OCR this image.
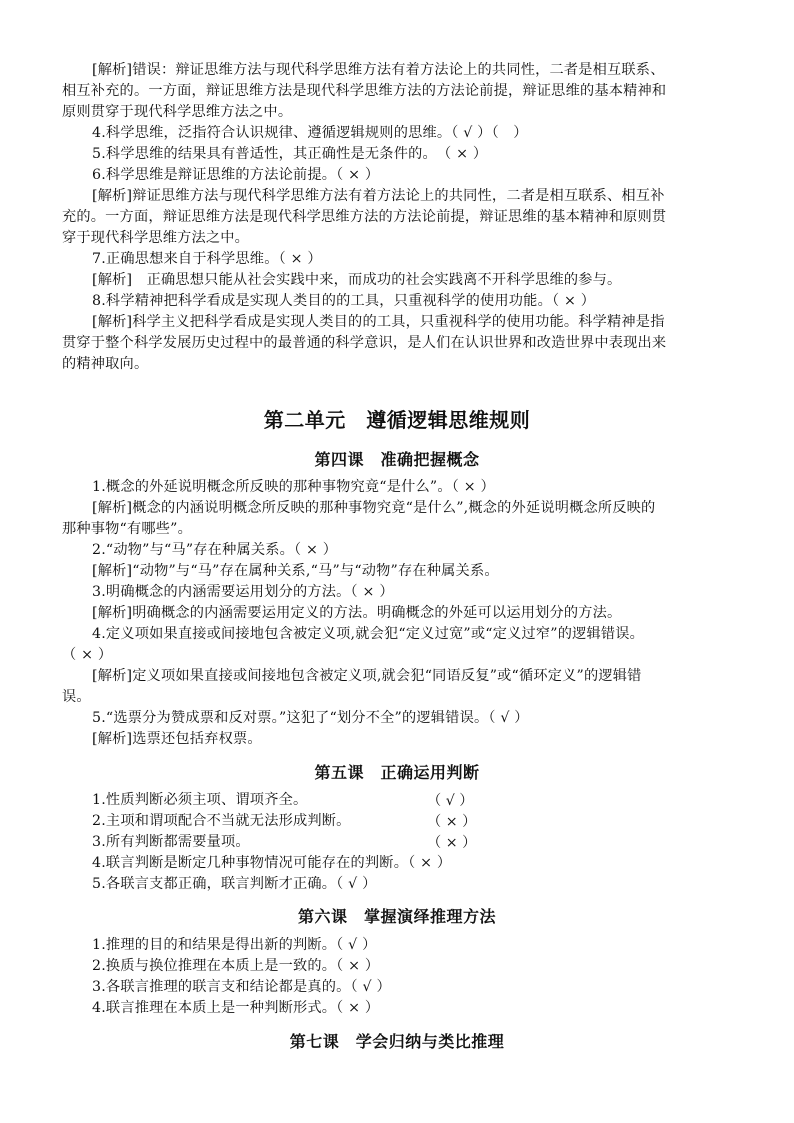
[解析]错误：辩证思维方法与现代科学思维方法有着方法论上的共同性，二者是相互联系、
相互补充的。一方面，辩证思维方法是现代科学思维方法的方法论前提，辩证思维的基本精神和
原则贯穿于现代科学思维方法之中。
4.科学思维，泛指符合认识规律、遵循逻辑规则的思维。（ √ ）（　）
5.科学思维的结果具有普适性，其正确性是无条件的。　（ × ）
6.科学思维是辩证思维的方法论前提。（ × ）
[解析]辩证思维方法与现代科学思维方法有着方法论上的共同性，二者是相互联系、相互补
充的。一方面，辩证思维方法是现代科学思维方法的方法论前提，辩证思维的基本精神和原则贯
穿于现代科学思维方法之中。
7.正确思想来自于科学思维。（ × ）
[解析]　正确思想只能从社会实践中来，而成功的社会实践离不开科学思维的参与。
8.科学精神把科学看成是实现人类目的的工具，只重视科学的使用功能。（ × ）
[解析]科学主义把科学看成是实现人类目的的工具，只重视科学的使用功能。科学精神是指
贯穿于整个科学发展历史过程中的最普通的科学意识，是人们在认识世界和改造世界中表现出来
的精神取向。
第二单元　遵循逻辑思维规则
第四课　准确把握概念
1.概念的外延说明概念所反映的那种事物究竟“是什么”。（ × ）
[解析]概念的内涵说明概念所反映的那种事物究竟“是什么”,概念的外延说明概念所反映的
那种事物“有哪些”。
2.“动物”与“马”存在种属关系。（ × ）
[解析]“动物”与“马”存在属种关系,“马”与“动物”存在种属关系。
3.明确概念的内涵需要运用划分的方法。（ × ）
[解析]明确概念的内涵需要运用定义的方法。明确概念的外延可以运用划分的方法。
4.定义项如果直接或间接地包含被定义项,就会犯“定义过宽”或“定义过窄”的逻辑错误。
（ × ）
[解析]定义项如果直接或间接地包含被定义项,就会犯“同语反复”或“循环定义”的逻辑错
误。
5.“选票分为赞成票和反对票。”这犯了“划分不全”的逻辑错误。（ √ ）
[解析]选票还包括弃权票。
第五课　正确运用判断
1.性质判断必须主项、谓项齐全。	（ √ ）
2.主项和谓项配合不当就无法形成判断。	（ × ）
3.所有判断都需要量项。	（ × ）
4.联言判断是断定几种事物情况可能存在的判断。（ × ）
5.各联言支都正确，联言判断才正确。（ √ ）
第六课　掌握演绎推理方法
1.推理的目的和结果是得出新的判断。（ √ ）
2.换质与换位推理在本质上是一致的。（ × ）
3.各联言推理的联言支和结论都是真的。（ √ ）
4.联言推理在本质上是一种判断形式。（ × ）
第七课　学会归纳与类比推理
